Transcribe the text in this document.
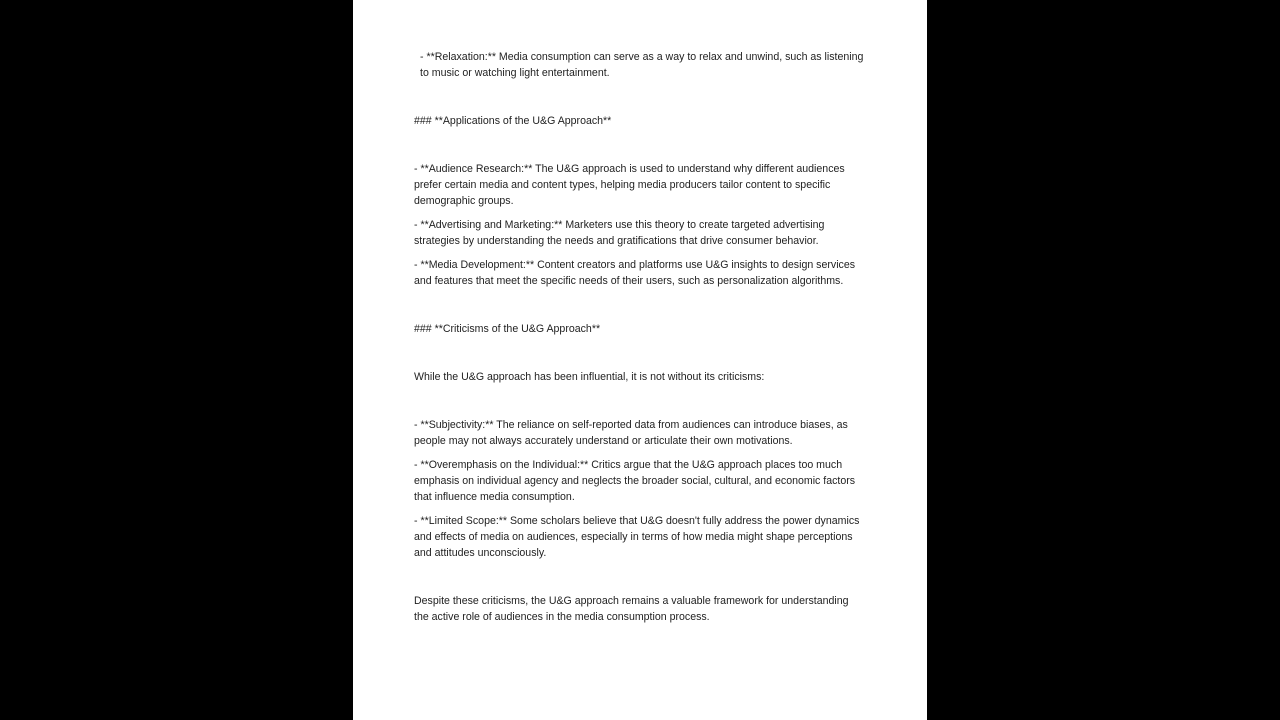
- **Relaxation:** Media consumption can serve as a way to relax and unwind, such as listening to music or watching light entertainment.

### **Applications of the U&G Approach**

- **Audience Research:** The U&G approach is used to understand why different audiences prefer certain media and content types, helping media producers tailor content to specific demographic groups.

- **Advertising and Marketing:** Marketers use this theory to create targeted advertising strategies by understanding the needs and gratifications that drive consumer behavior.

- **Media Development:** Content creators and platforms use U&G insights to design services and features that meet the specific needs of their users, such as personalization algorithms.

### **Criticisms of the U&G Approach**

While the U&G approach has been influential, it is not without its criticisms:

- **Subjectivity:** The reliance on self-reported data from audiences can introduce biases, as people may not always accurately understand or articulate their own motivations.

- **Overemphasis on the Individual:** Critics argue that the U&G approach places too much emphasis on individual agency and neglects the broader social, cultural, and economic factors that influence media consumption.

- **Limited Scope:** Some scholars believe that U&G doesn't fully address the power dynamics and effects of media on audiences, especially in terms of how media might shape perceptions and attitudes unconsciously.

Despite these criticisms, the U&G approach remains a valuable framework for understanding the active role of audiences in the media consumption process.
